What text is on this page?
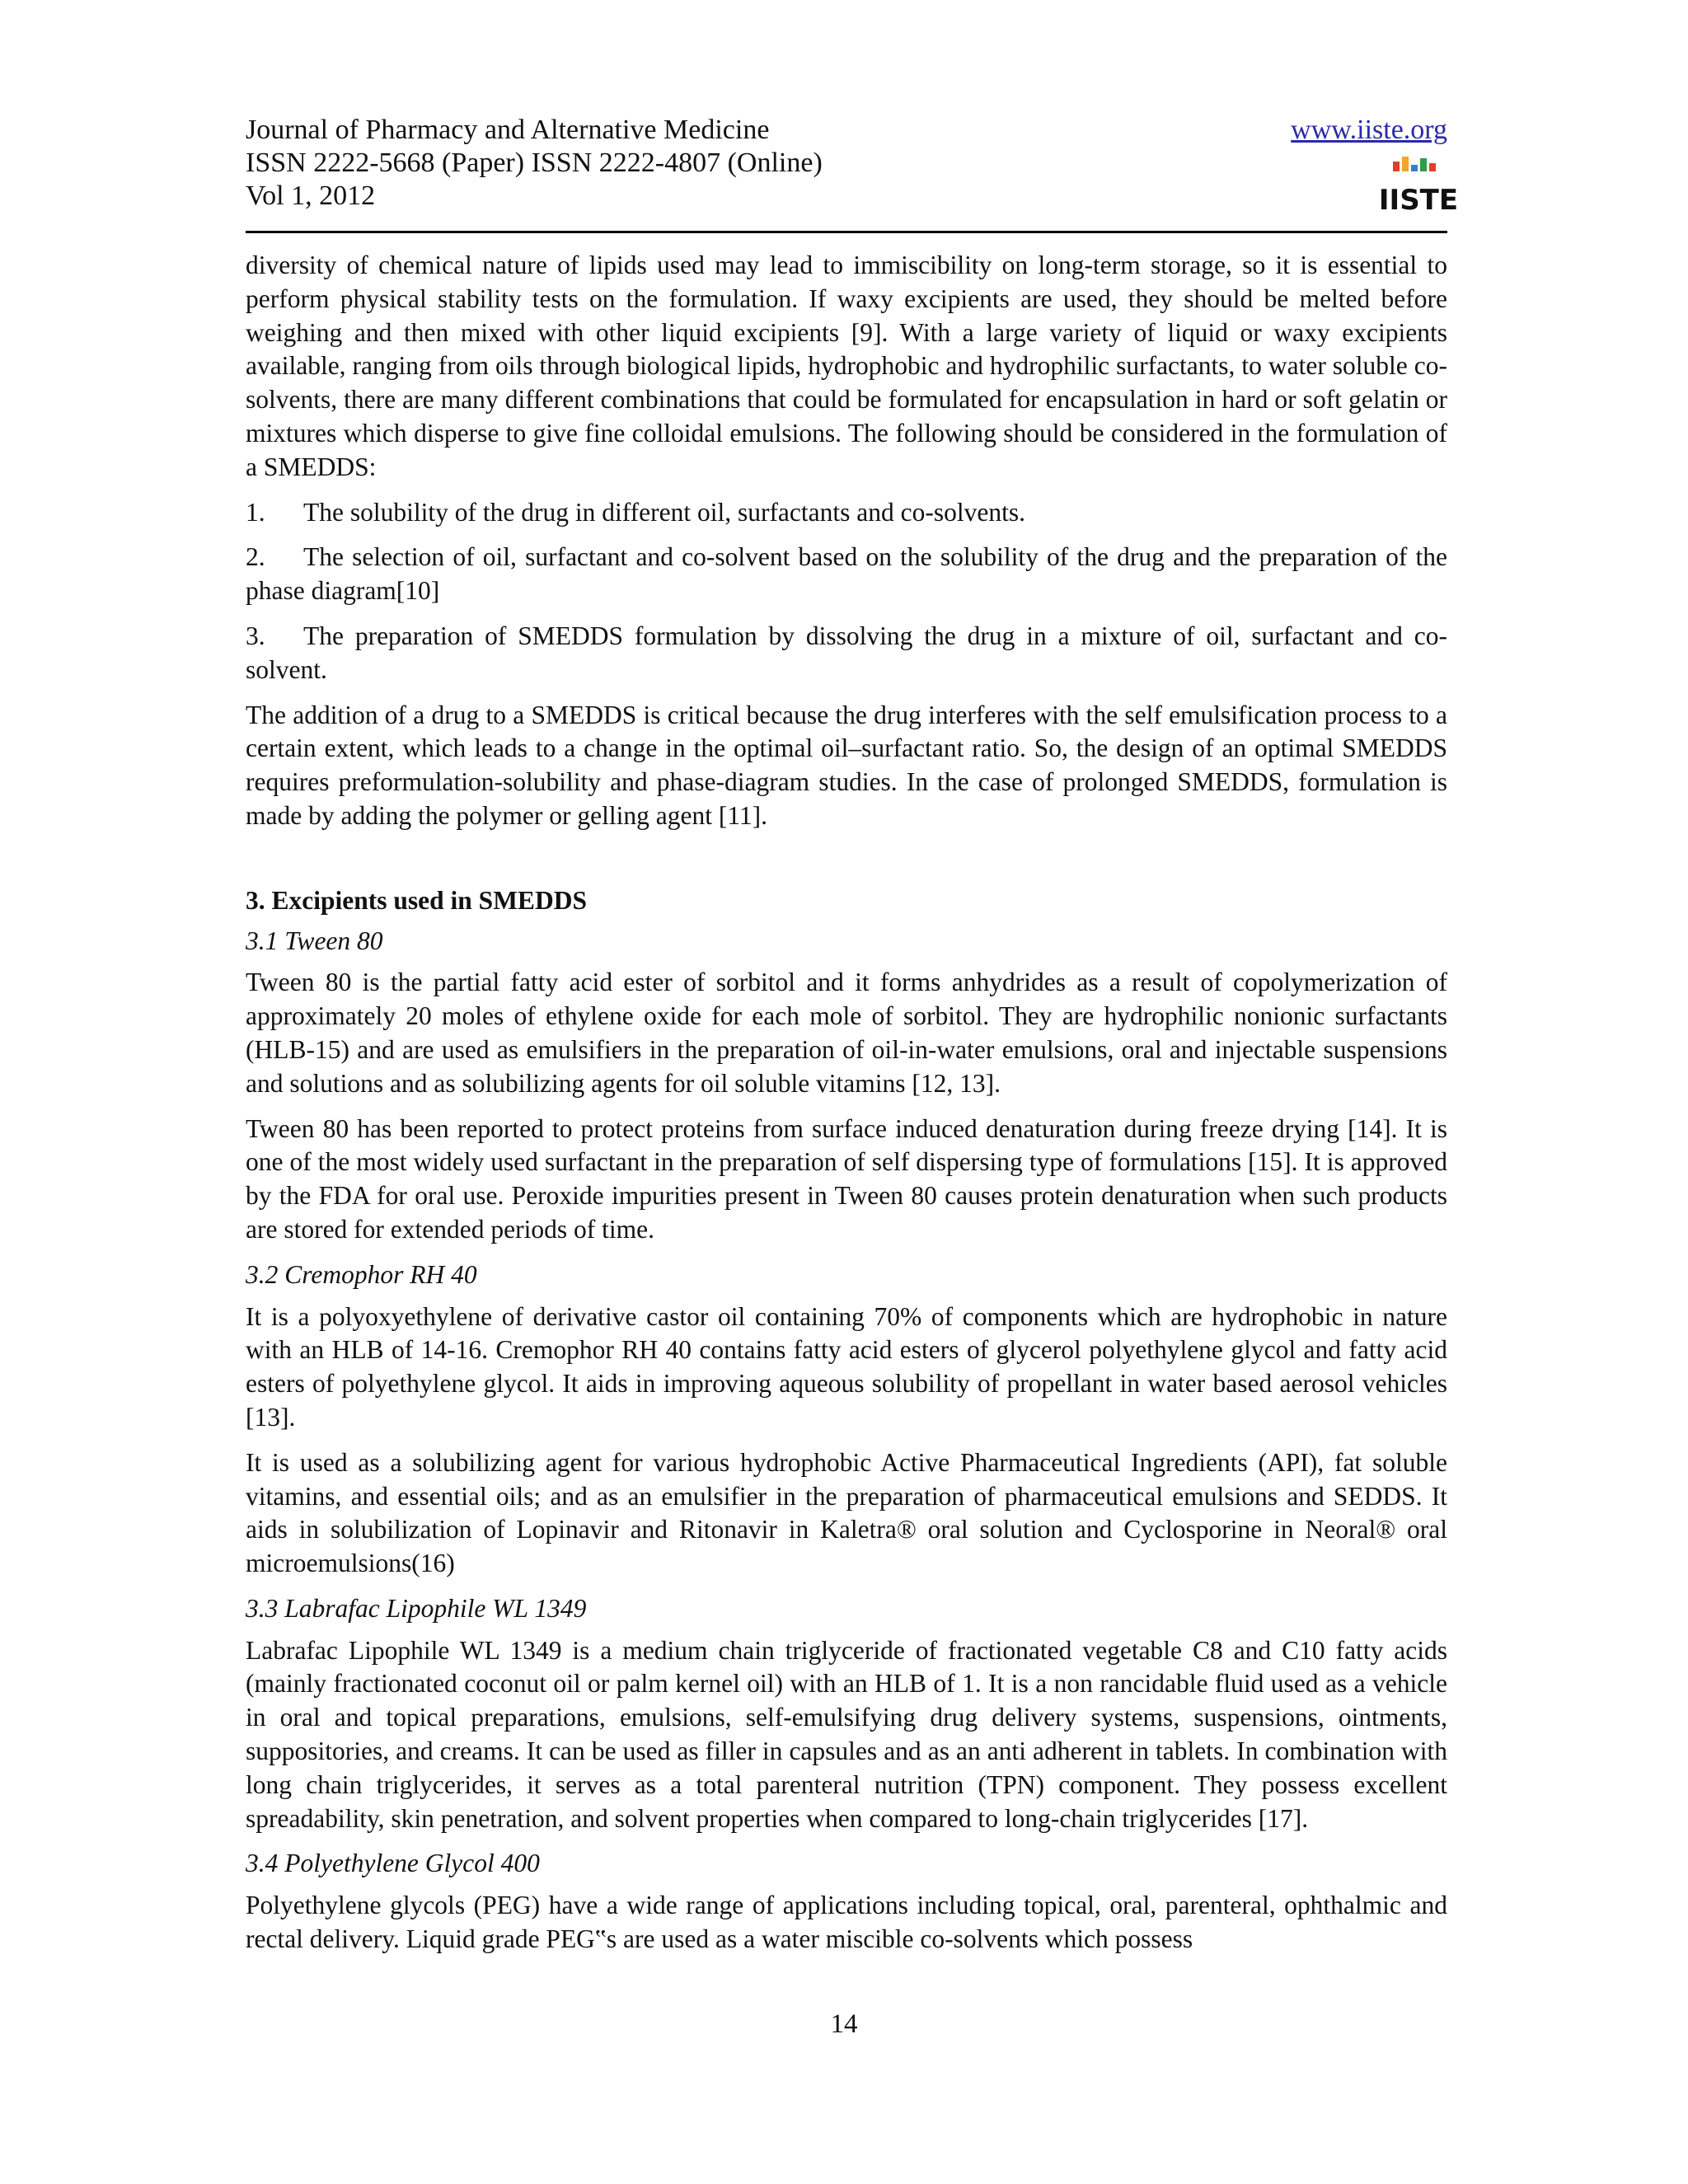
Journal of Pharmacy and Alternative Medicine
ISSN 2222-5668 (Paper) ISSN 2222-4807 (Online)
Vol 1, 2012
www.iiste.org
IISTE

diversity of chemical nature of lipids used may lead to immiscibility on long-term storage, so it is essential to perform physical stability tests on the formulation. If waxy excipients are used, they should be melted before weighing and then mixed with other liquid excipients [9]. With a large variety of liquid or waxy excipients available, ranging from oils through biological lipids, hydrophobic and hydrophilic surfactants, to water soluble co-solvents, there are many different combinations that could be formulated for encapsulation in hard or soft gelatin or mixtures which disperse to give fine colloidal emulsions. The following should be considered in the formulation of a SMEDDS:

1. The solubility of the drug in different oil, surfactants and co-solvents.
2. The selection of oil, surfactant and co-solvent based on the solubility of the drug and the preparation of the phase diagram[10]
3. The preparation of SMEDDS formulation by dissolving the drug in a mixture of oil, surfactant and co-solvent.

The addition of a drug to a SMEDDS is critical because the drug interferes with the self emulsification process to a certain extent, which leads to a change in the optimal oil–surfactant ratio. So, the design of an optimal SMEDDS requires preformulation-solubility and phase-diagram studies. In the case of prolonged SMEDDS, formulation is made by adding the polymer or gelling agent [11].

3. Excipients used in SMEDDS
3.1 Tween 80

Tween 80 is the partial fatty acid ester of sorbitol and it forms anhydrides as a result of copolymerization of approximately 20 moles of ethylene oxide for each mole of sorbitol. They are hydrophilic nonionic surfactants (HLB-15) and are used as emulsifiers in the preparation of oil-in-water emulsions, oral and injectable suspensions and solutions and as solubilizing agents for oil soluble vitamins [12, 13].

Tween 80 has been reported to protect proteins from surface induced denaturation during freeze drying [14]. It is one of the most widely used surfactant in the preparation of self dispersing type of formulations [15]. It is approved by the FDA for oral use. Peroxide impurities present in Tween 80 causes protein denaturation when such products are stored for extended periods of time.

3.2 Cremophor RH 40

It is a polyoxyethylene of derivative castor oil containing 70% of components which are hydrophobic in nature with an HLB of 14-16. Cremophor RH 40 contains fatty acid esters of glycerol polyethylene glycol and fatty acid esters of polyethylene glycol. It aids in improving aqueous solubility of propellant in water based aerosol vehicles [13].

It is used as a solubilizing agent for various hydrophobic Active Pharmaceutical Ingredients (API), fat soluble vitamins, and essential oils; and as an emulsifier in the preparation of pharmaceutical emulsions and SEDDS. It aids in solubilization of Lopinavir and Ritonavir in Kaletra® oral solution and Cyclosporine in Neoral® oral microemulsions(16)

3.3 Labrafac Lipophile WL 1349

Labrafac Lipophile WL 1349 is a medium chain triglyceride of fractionated vegetable C8 and C10 fatty acids (mainly fractionated coconut oil or palm kernel oil) with an HLB of 1. It is a non rancidable fluid used as a vehicle in oral and topical preparations, emulsions, self-emulsifying drug delivery systems, suspensions, ointments, suppositories, and creams. It can be used as filler in capsules and as an anti adherent in tablets. In combination with long chain triglycerides, it serves as a total parenteral nutrition (TPN) component. They possess excellent spreadability, skin penetration, and solvent properties when compared to long-chain triglycerides [17].

3.4 Polyethylene Glycol 400

Polyethylene glycols (PEG) have a wide range of applications including topical, oral, parenteral, ophthalmic and rectal delivery. Liquid grade PEG‟s are used as a water miscible co-solvents which possess

14
